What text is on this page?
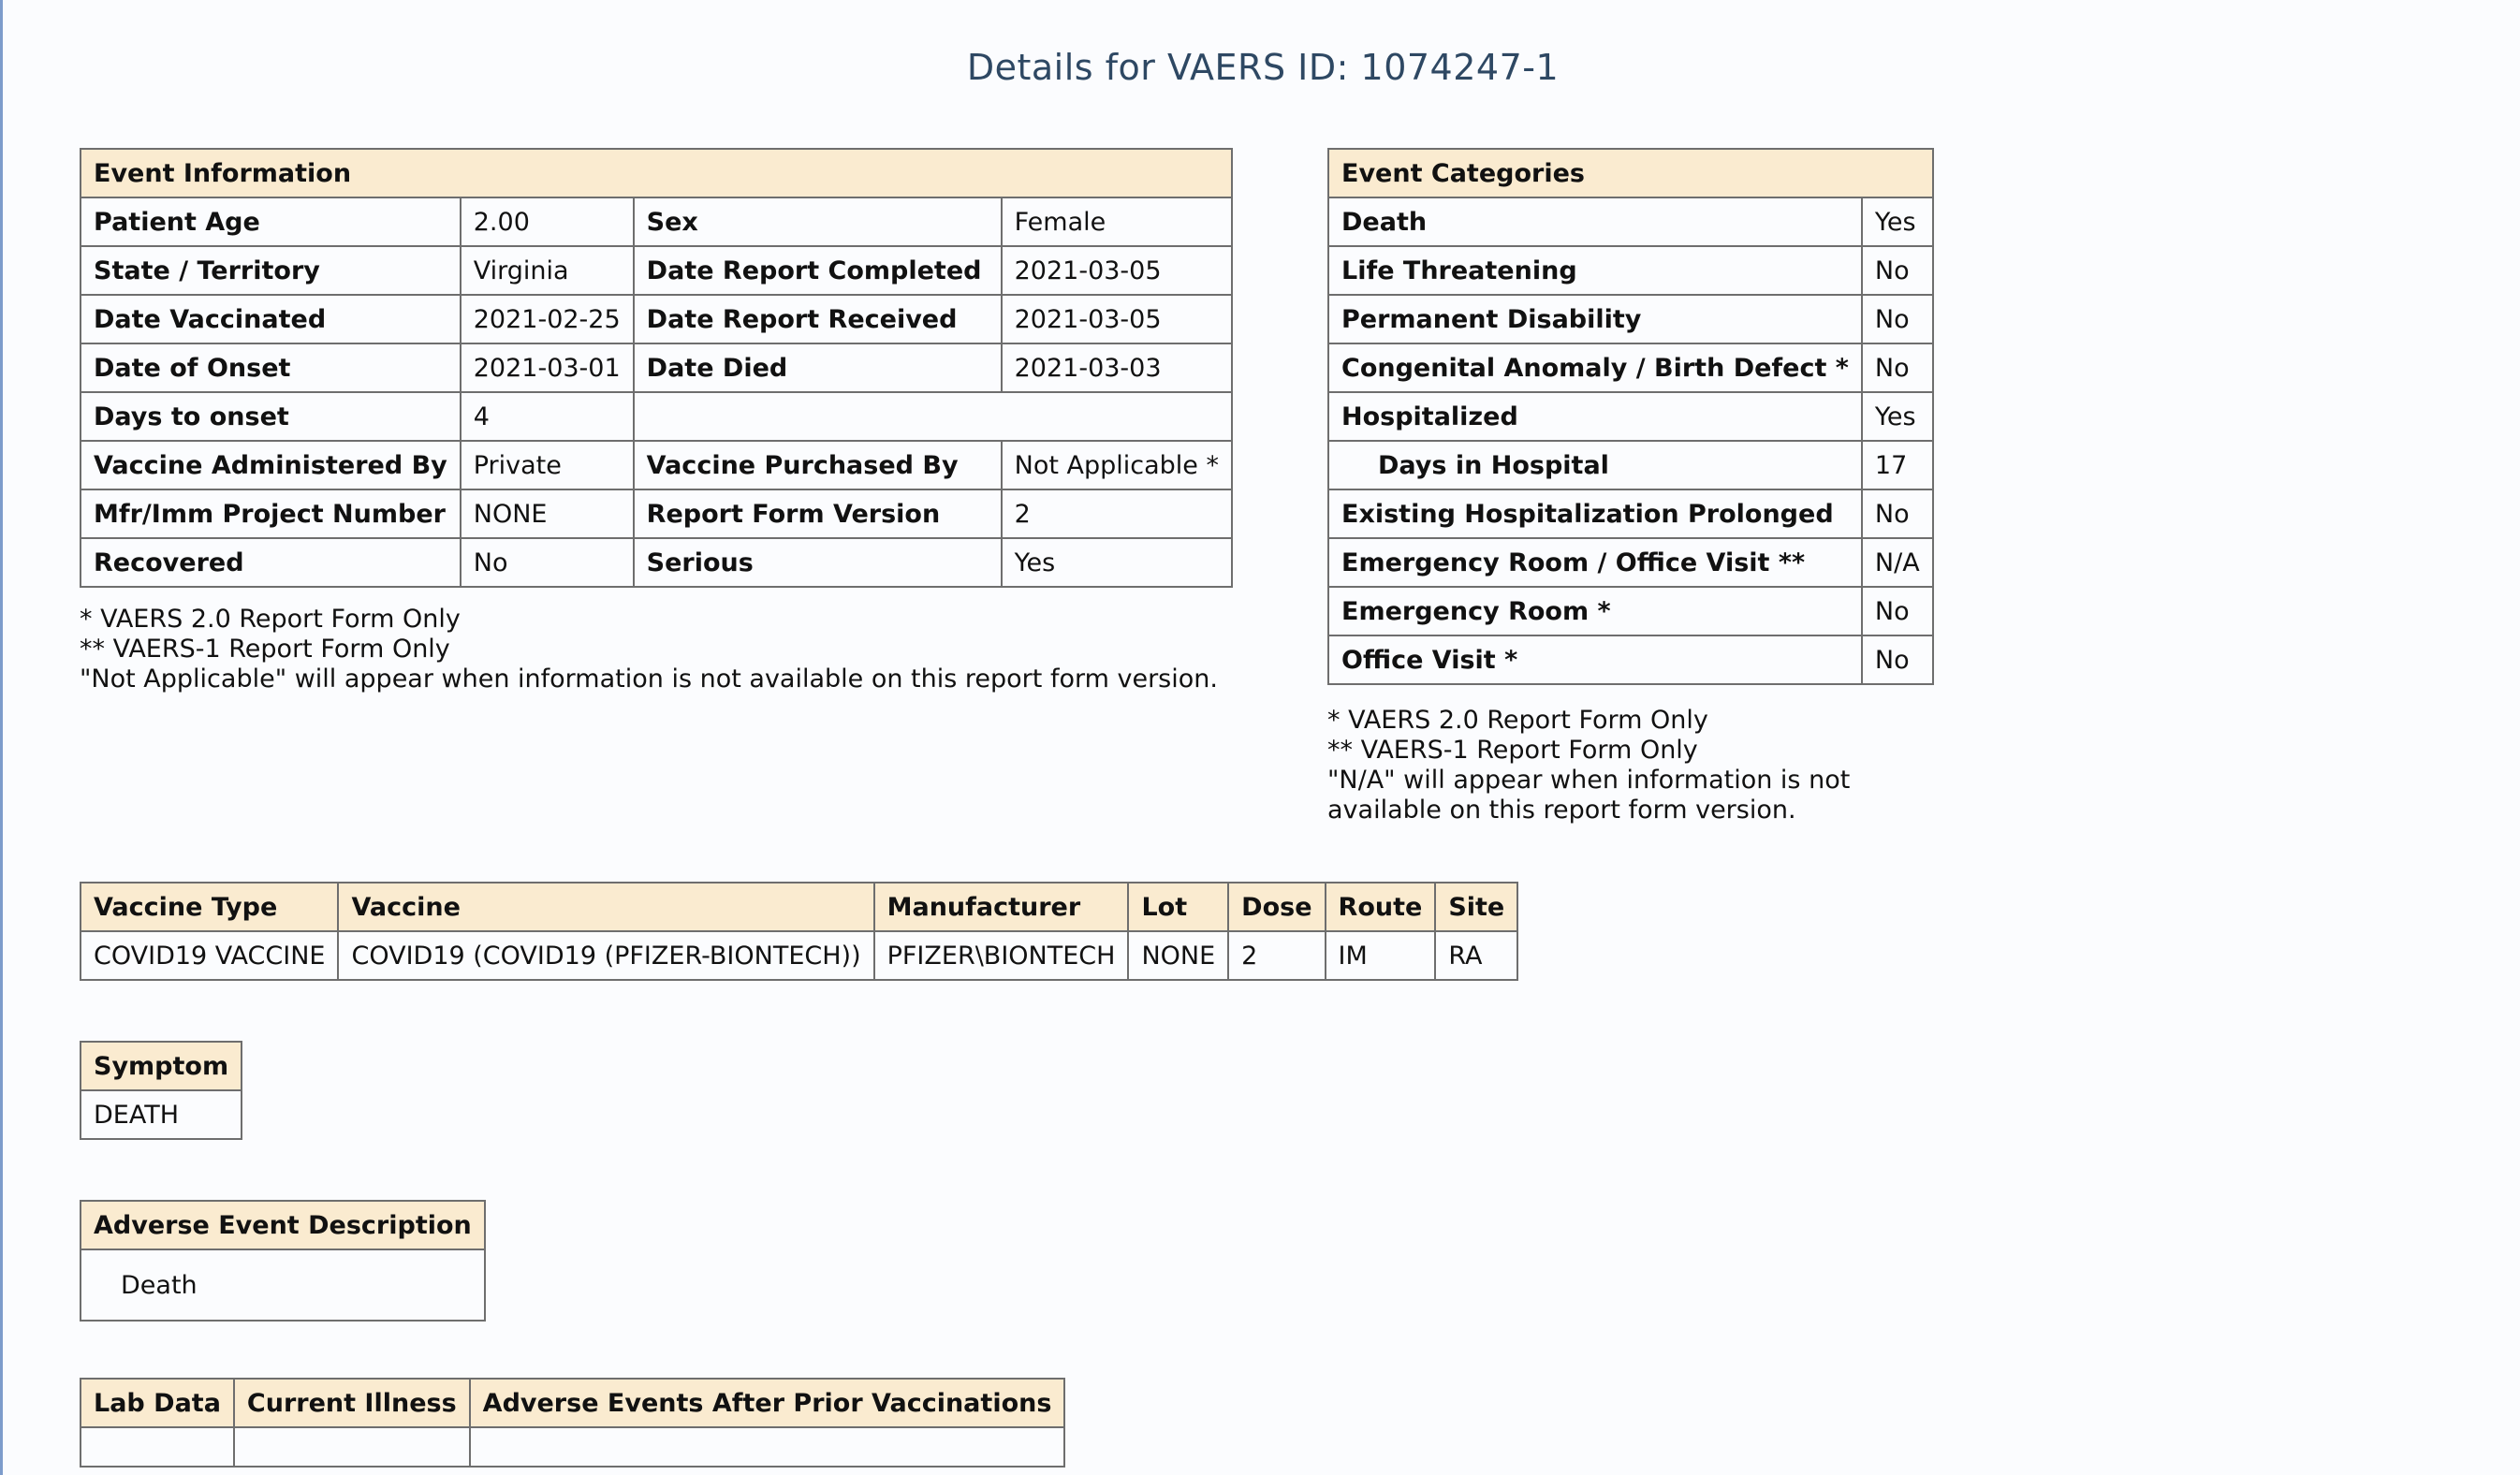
Details for VAERS ID: 1074247-1
Event Information			
Patient Age	2.00	Sex	Female
State / Territory	Virginia	Date Report Completed	2021-03-05
Date Vaccinated	2021-02-25	Date Report Received	2021-03-05
Date of Onset	2021-03-01	Date Died	2021-03-03
Days to onset	4		
Vaccine Administered By	Private	Vaccine Purchased By	Not Applicable *
Mfr/Imm Project Number	NONE	Report Form Version	2
Recovered	No	Serious	Yes
* VAERS 2.0 Report Form Only
** VAERS-1 Report Form Only
"Not Applicable" will appear when information is not available on this report form version.
Event Categories	
Death	Yes
Life Threatening	No
Permanent Disability	No
Congenital Anomaly / Birth Defect *	No
Hospitalized	Yes
Days in Hospital	17
Existing Hospitalization Prolonged	No
Emergency Room / Office Visit **	N/A
Emergency Room *	No
Office Visit *	No
* VAERS 2.0 Report Form Only
** VAERS-1 Report Form Only
"N/A" will appear when information is not available on this report form version.
Vaccine Type	Vaccine	Manufacturer	Lot	Dose	Route	Site
COVID19 VACCINE	COVID19 (COVID19 (PFIZER-BIONTECH))	PFIZER\BIONTECH	NONE	2	IM	RA
Symptom
DEATH
Adverse Event Description
Death
Lab Data	Current Illness	Adverse Events After Prior Vaccinations
